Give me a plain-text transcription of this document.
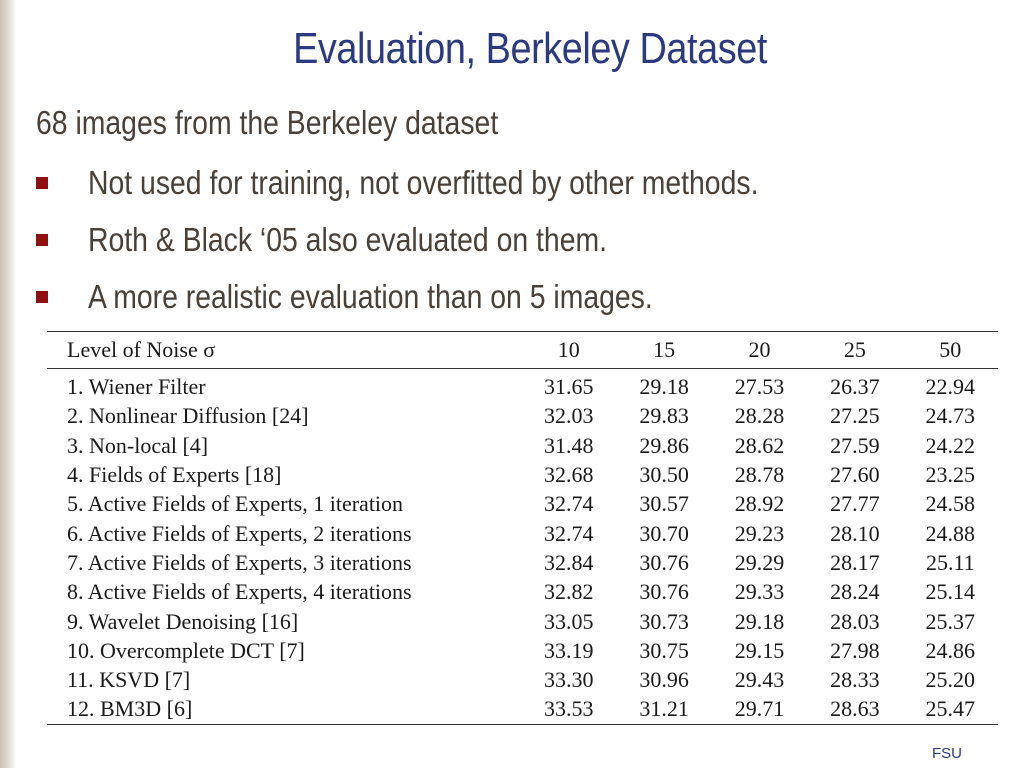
Evaluation, Berkeley Dataset
68 images from the Berkeley dataset
Not used for training, not overfitted by other methods.
Roth & Black ‘05 also evaluated on them.
A more realistic evaluation than on 5 images.
Level of Noise σ	10	15	20	25	50
1. Wiener Filter	31.65	29.18	27.53	26.37	22.94
2. Nonlinear Diffusion [24]	32.03	29.83	28.28	27.25	24.73
3. Non-local [4]	31.48	29.86	28.62	27.59	24.22
4. Fields of Experts [18]	32.68	30.50	28.78	27.60	23.25
5. Active Fields of Experts, 1 iteration	32.74	30.57	28.92	27.77	24.58
6. Active Fields of Experts, 2 iterations	32.74	30.70	29.23	28.10	24.88
7. Active Fields of Experts, 3 iterations	32.84	30.76	29.29	28.17	25.11
8. Active Fields of Experts, 4 iterations	32.82	30.76	29.33	28.24	25.14
9. Wavelet Denoising [16]	33.05	30.73	29.18	28.03	25.37
10. Overcomplete DCT [7]	33.19	30.75	29.15	27.98	24.86
11. KSVD [7]	33.30	30.96	29.43	28.33	25.20
12. BM3D [6]	33.53	31.21	29.71	28.63	25.47
FSU
